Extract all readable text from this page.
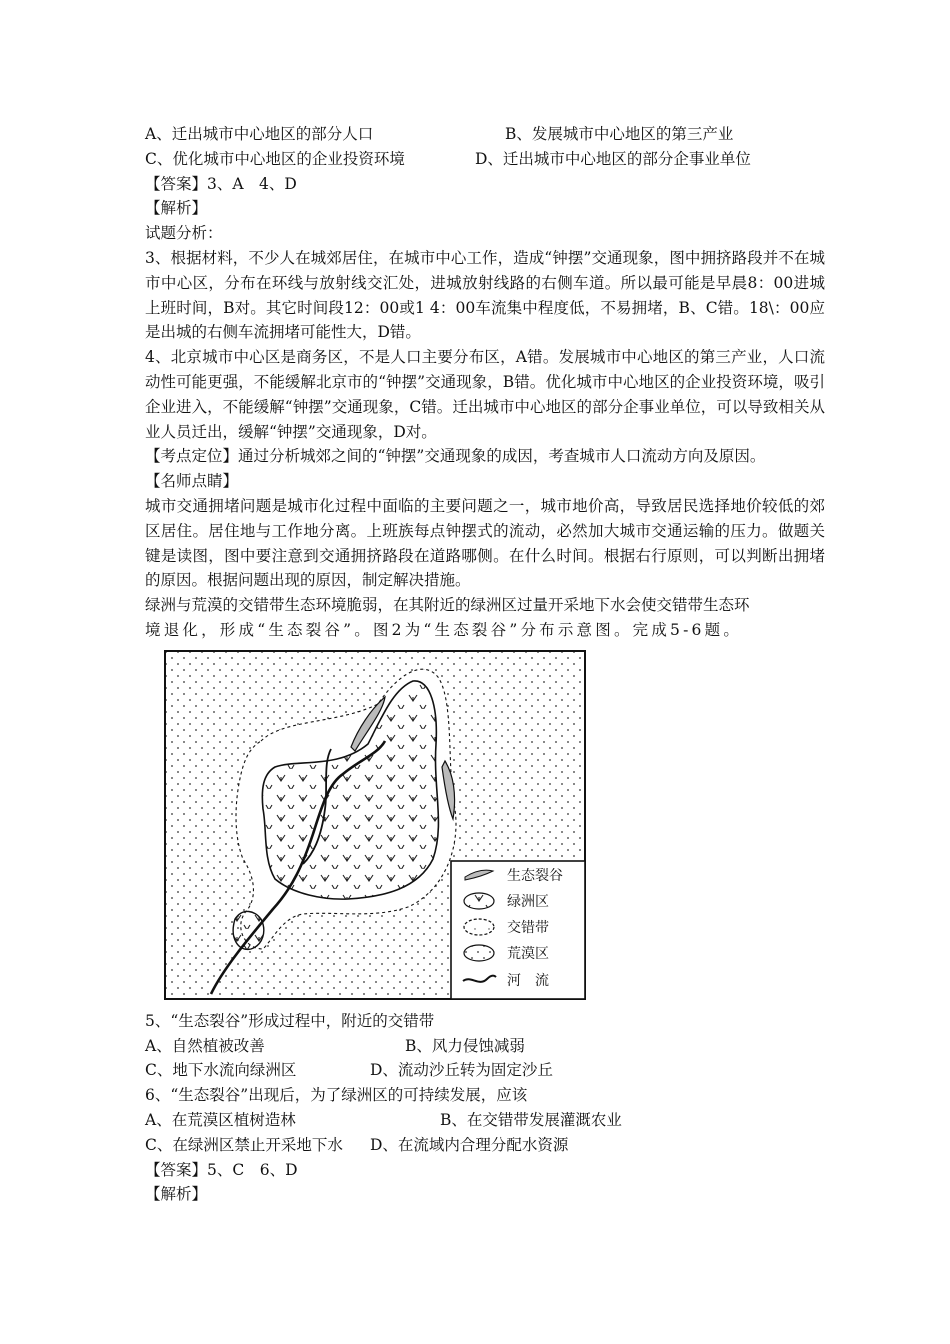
A、迁出城市中心地区的部分人口	B、发展城市中心地区的第三产业
C、优化城市中心地区的企业投资环境	D、迁出城市中心地区的部分企事业单位
【答案】3、A　4、D
【解析】
试题分析：
3、根据材料，不少人在城郊居住，在城市中心工作，造成“钟摆”交通现象，图中拥挤路段并不在城市中心区，分布在环线与放射线交汇处，进城放射线路的右侧车道。所以最可能是早晨8：00进城上班时间，B对。其它时间段12：00或1 4：00车流集中程度低，不易拥堵，B、C错。18\：00应是出城的右侧车流拥堵可能性大，D错。
4、北京城市中心区是商务区，不是人口主要分布区，A错。发展城市中心地区的第三产业，人口流动性可能更强，不能缓解北京市的“钟摆”交通现象，B错。优化城市中心地区的企业投资环境，吸引企业进入，不能缓解“钟摆”交通现象，C错。迁出城市中心地区的部分企事业单位，可以导致相关从业人员迁出，缓解“钟摆”交通现象，D对。
【考点定位】通过分析城郊之间的“钟摆”交通现象的成因，考查城市人口流动方向及原因。
【名师点睛】
城市交通拥堵问题是城市化过程中面临的主要问题之一，城市地价高，导致居民选择地价较低的郊区居住。居住地与工作地分离。上班族每点钟摆式的流动，必然加大城市交通运输的压力。做题关键是读图，图中要注意到交通拥挤路段在道路哪侧。在什么时间。根据右行原则，可以判断出拥堵的原因。根据问题出现的原因，制定解决措施。
绿洲与荒漠的交错带生态环境脆弱，在其附近的绿洲区过量开采地下水会使交错带生态环
境退化，形成“生态裂谷”。图2为“生态裂谷”分布示意图。完成5-6题。
生态裂谷
绿洲区
交错带
荒漠区
河　流
5、“生态裂谷”形成过程中，附近的交错带
A、自然植被改善	B、风力侵蚀减弱
C、地下水流向绿洲区	D、流动沙丘转为固定沙丘
6、“生态裂谷”出现后，为了绿洲区的可持续发展，应该
A、在荒漠区植树造林	B、在交错带发展灌溉农业
C、在绿洲区禁止开采地下水	D、在流域内合理分配水资源
【答案】5、C　6、D
【解析】
